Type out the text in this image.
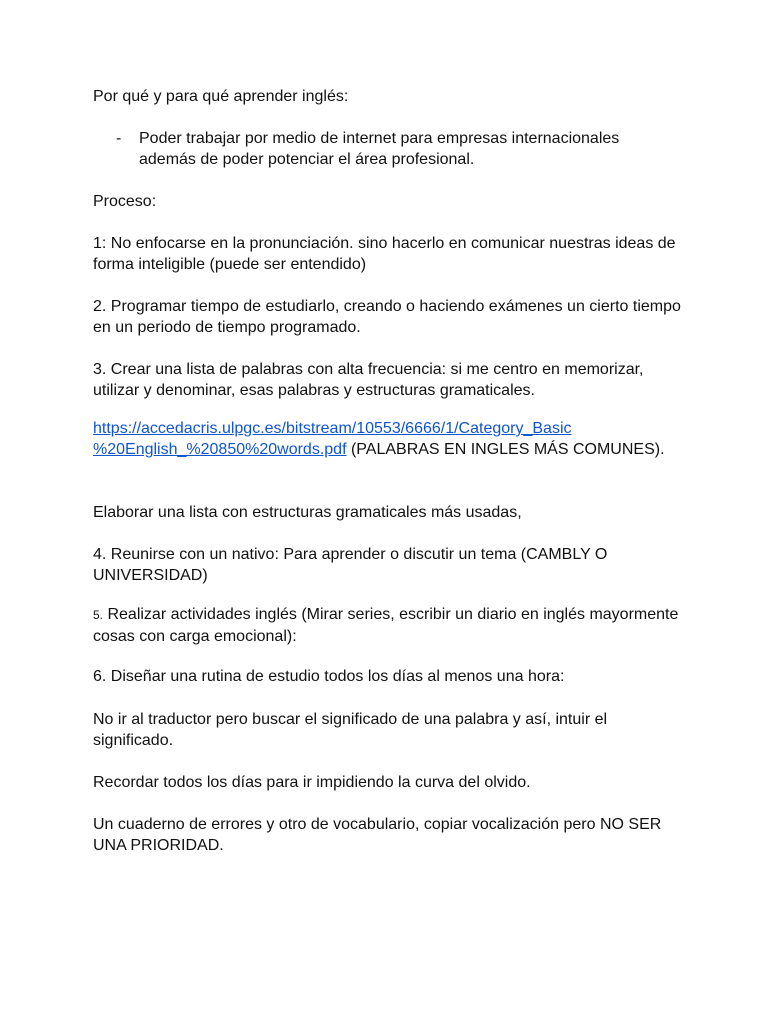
Por qué y para qué aprender inglés:

- Poder trabajar por medio de internet para empresas internacionales
además de poder potenciar el área profesional.

Proceso:

1: No enfocarse en la pronunciación. sino hacerlo en comunicar nuestras ideas de forma inteligible (puede ser entendido)

2. Programar tiempo de estudiarlo, creando o haciendo exámenes un cierto tiempo en un periodo de tiempo programado.

3. Crear una lista de palabras con alta frecuencia: si me centro en memorizar, utilizar y denominar, esas palabras y estructuras gramaticales.

https://accedacris.ulpgc.es/bitstream/10553/6666/1/Category_Basic
%20English_%20850%20words.pdf (PALABRAS EN INGLES MÁS COMUNES).

Elaborar una lista con estructuras gramaticales más usadas,

4. Reunirse con un nativo: Para aprender o discutir un tema (CAMBLY O UNIVERSIDAD)

5. Realizar actividades inglés (Mirar series, escribir un diario en inglés mayormente cosas con carga emocional):

6. Diseñar una rutina de estudio todos los días al menos una hora:

No ir al traductor pero buscar el significado de una palabra y así, intuir el significado.

Recordar todos los días para ir impidiendo la curva del olvido.

Un cuaderno de errores y otro de vocabulario, copiar vocalización pero NO SER UNA PRIORIDAD.
